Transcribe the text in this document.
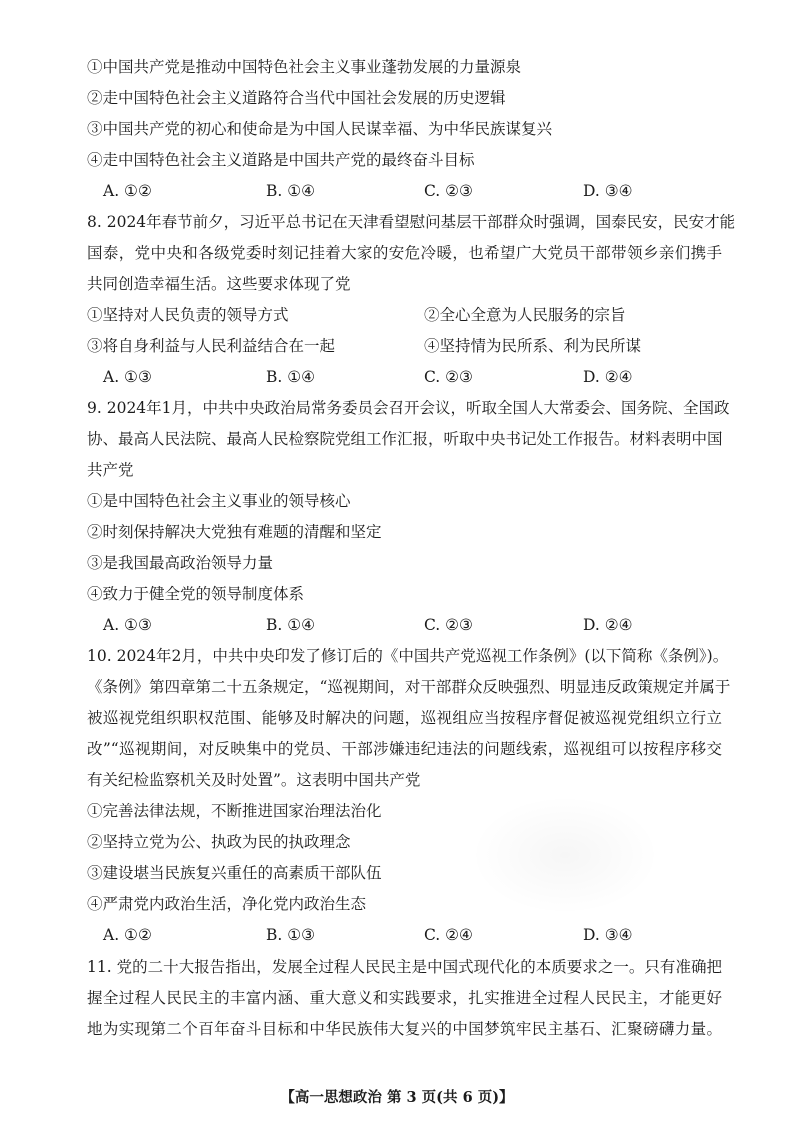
①中国共产党是推动中国特色社会主义事业蓬勃发展的力量源泉
②走中国特色社会主义道路符合当代中国社会发展的历史逻辑
③中国共产党的初心和使命是为中国人民谋幸福、为中华民族谋复兴
④走中国特色社会主义道路是中国共产党的最终奋斗目标
A. ①②	B. ①④	C. ②③	D. ③④
8. 2024年春节前夕，习近平总书记在天津看望慰问基层干部群众时强调，国泰民安，民安才能
国泰，党中央和各级党委时刻记挂着大家的安危冷暖，也希望广大党员干部带领乡亲们携手
共同创造幸福生活。这些要求体现了党
①坚持对人民负责的领导方式	②全心全意为人民服务的宗旨
③将自身利益与人民利益结合在一起	④坚持情为民所系、利为民所谋
A. ①③	B. ①④	C. ②③	D. ②④
9. 2024年1月，中共中央政治局常务委员会召开会议，听取全国人大常委会、国务院、全国政
协、最高人民法院、最高人民检察院党组工作汇报，听取中央书记处工作报告。材料表明中国
共产党
①是中国特色社会主义事业的领导核心
②时刻保持解决大党独有难题的清醒和坚定
③是我国最高政治领导力量
④致力于健全党的领导制度体系
A. ①③	B. ①④	C. ②③	D. ②④
10. 2024年2月，中共中央印发了修订后的《中国共产党巡视工作条例》(以下简称《条例》)。
《条例》第四章第二十五条规定，“巡视期间，对干部群众反映强烈、明显违反政策规定并属于
被巡视党组织职权范围、能够及时解决的问题，巡视组应当按程序督促被巡视党组织立行立
改”“巡视期间，对反映集中的党员、干部涉嫌违纪违法的问题线索，巡视组可以按程序移交
有关纪检监察机关及时处置”。这表明中国共产党
①完善法律法规，不断推进国家治理法治化
②坚持立党为公、执政为民的执政理念
③建设堪当民族复兴重任的高素质干部队伍
④严肃党内政治生活，净化党内政治生态
A. ①②	B. ①③	C. ②④	D. ③④
11. 党的二十大报告指出，发展全过程人民民主是中国式现代化的本质要求之一。只有准确把
握全过程人民民主的丰富内涵、重大意义和实践要求，扎实推进全过程人民民主，才能更好
地为实现第二个百年奋斗目标和中华民族伟大复兴的中国梦筑牢民主基石、汇聚磅礴力量。
【高一思想政治 第 3 页(共 6 页)】
